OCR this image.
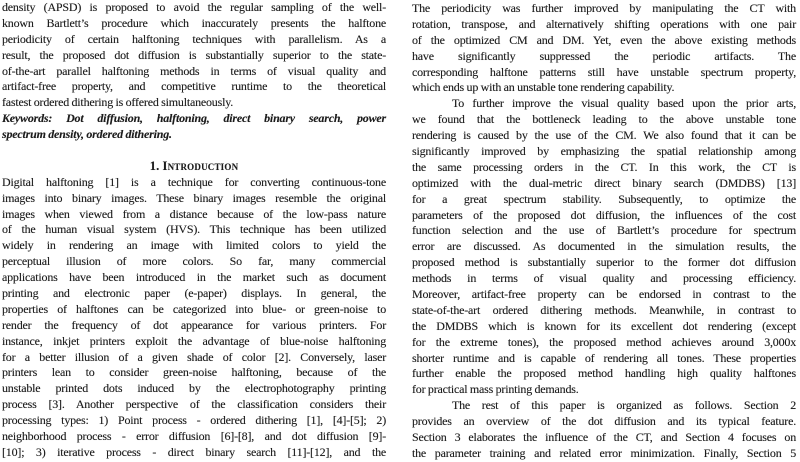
density (APSD) is proposed to avoid the regular sampling of the well-
known Bartlett’s procedure which inaccurately presents the halftone
periodicity of certain halftoning techniques with parallelism. As a
result, the proposed dot diffusion is substantially superior to the state-
of-the-art parallel halftoning methods in terms of visual quality and
artifact-free property, and competitive runtime to the theoretical
fastest ordered dithering is offered simultaneously.
Keywords: Dot diffusion, halftoning, direct binary search, power
spectrum density, ordered dithering.
1. Introduction
Digital halftoning [1] is a technique for converting continuous-tone
images into binary images. These binary images resemble the original
images when viewed from a distance because of the low-pass nature
of the human visual system (HVS). This technique has been utilized
widely in rendering an image with limited colors to yield the
perceptual illusion of more colors. So far, many commercial
applications have been introduced in the market such as document
printing and electronic paper (e-paper) displays. In general, the
properties of halftones can be categorized into blue- or green-noise to
render the frequency of dot appearance for various printers. For
instance, inkjet printers exploit the advantage of blue-noise halftoning
for a better illusion of a given shade of color [2]. Conversely, laser
printers lean to consider green-noise halftoning, because of the
unstable printed dots induced by the electrophotography printing
process [3]. Another perspective of the classification considers their
processing types: 1) Point process - ordered dithering [1], [4]-[5]; 2)
neighborhood process - error diffusion [6]-[8], and dot diffusion [9]-
[10]; 3) iterative process - direct binary search [11]-[12], and the
The periodicity was further improved by manipulating the CT with
rotation, transpose, and alternatively shifting operations with one pair
of the optimized CM and DM. Yet, even the above existing methods
have significantly suppressed the periodic artifacts. The
corresponding halftone patterns still have unstable spectrum property,
which ends up with an unstable tone rendering capability.
To further improve the visual quality based upon the prior arts,
we found that the bottleneck leading to the above unstable tone
rendering is caused by the use of the CM. We also found that it can be
significantly improved by emphasizing the spatial relationship among
the same processing orders in the CT. In this work, the CT is
optimized with the dual-metric direct binary search (DMDBS) [13]
for a great spectrum stability. Subsequently, to optimize the
parameters of the proposed dot diffusion, the influences of the cost
function selection and the use of Bartlett’s procedure for spectrum
error are discussed. As documented in the simulation results, the
proposed method is substantially superior to the former dot diffusion
methods in terms of visual quality and processing efficiency.
Moreover, artifact-free property can be endorsed in contrast to the
state-of-the-art ordered dithering methods. Meanwhile, in contrast to
the DMDBS which is known for its excellent dot rendering (except
for the extreme tones), the proposed method achieves around 3,000x
shorter runtime and is capable of rendering all tones. These properties
further enable the proposed method handling high quality halftones
for practical mass printing demands.
The rest of this paper is organized as follows. Section 2
provides an overview of the dot diffusion and its typical feature.
Section 3 elaborates the influence of the CT, and Section 4 focuses on
the parameter training and related error minimization. Finally, Section 5
